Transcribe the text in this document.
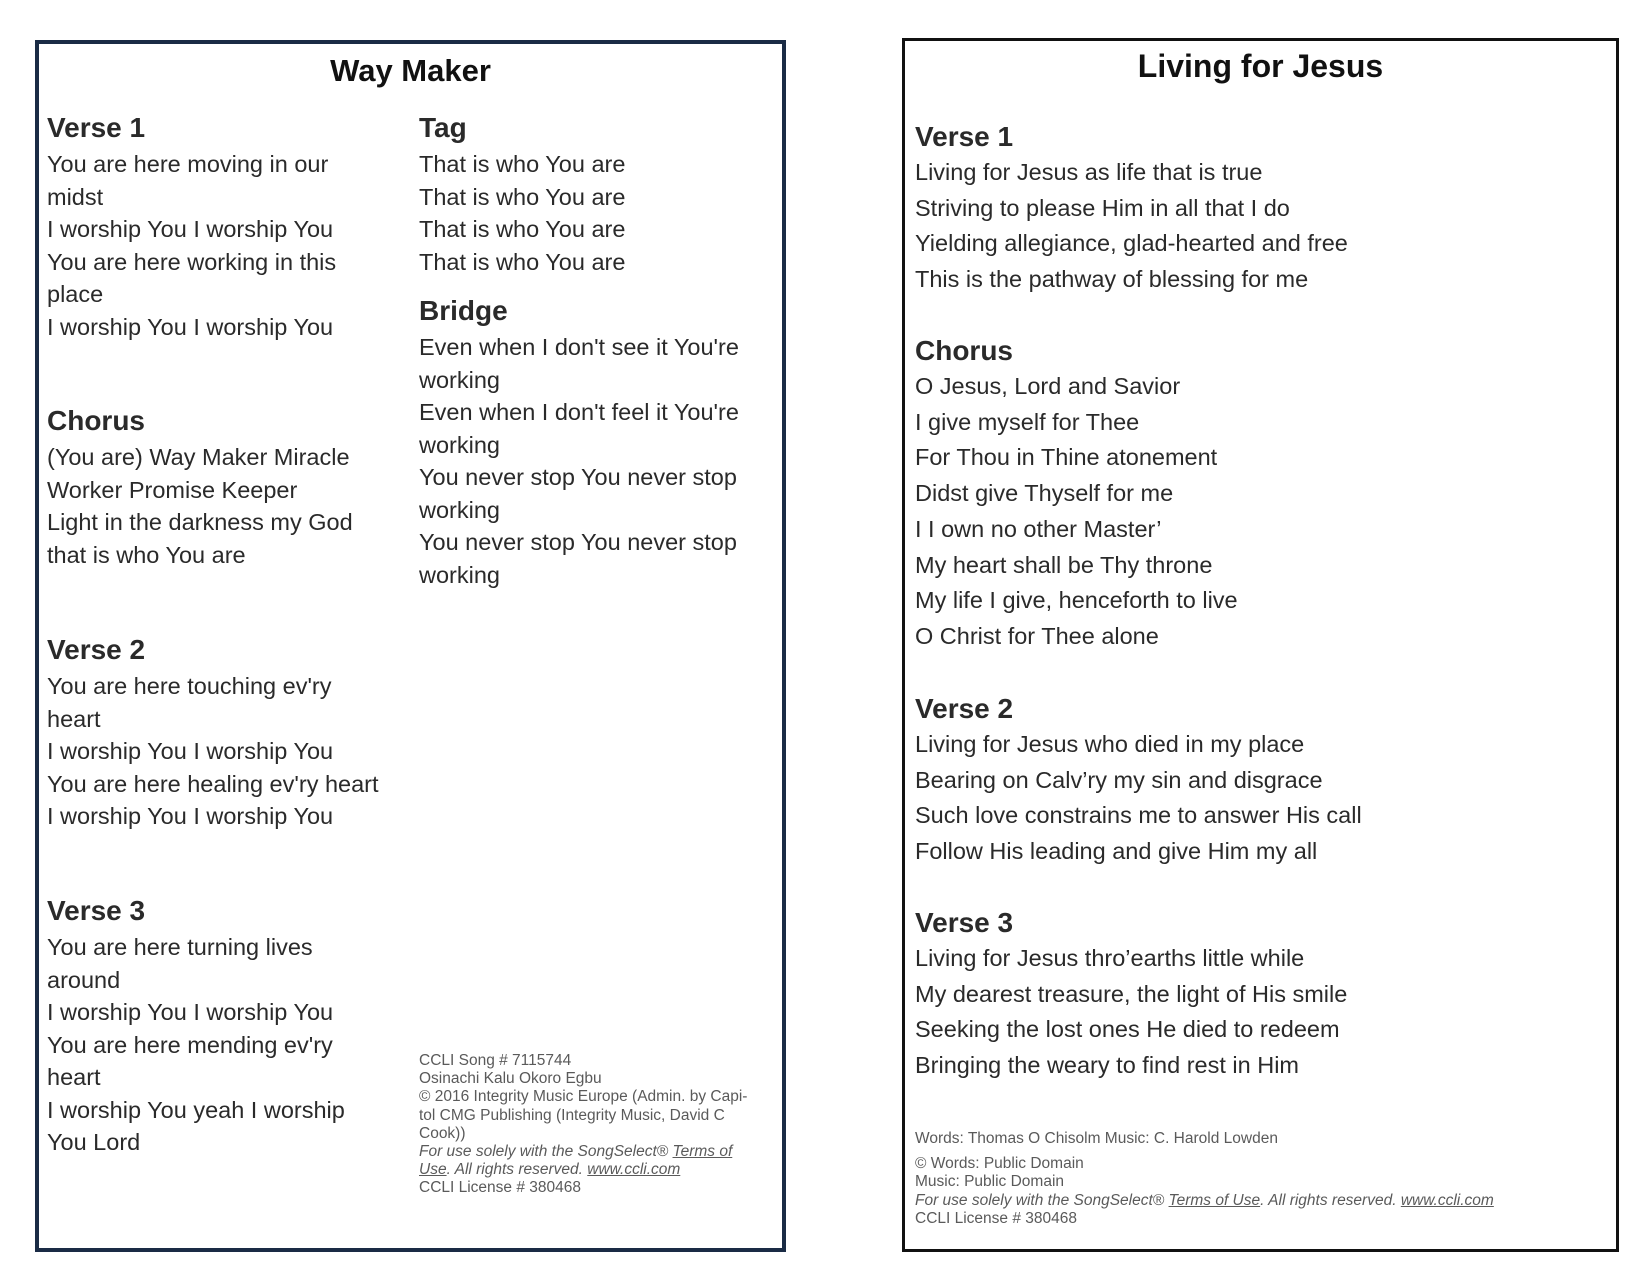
Way Maker
Verse 1
You are here moving in our
midst
I worship You I worship You
You are here working in this
place
I worship You I worship You
Chorus
(You are) Way Maker Miracle
Worker Promise Keeper
Light in the darkness my God
that is who You are
Verse 2
You are here touching ev'ry
heart
I worship You I worship You
You are here healing ev'ry heart
I worship You I worship You
Verse 3
You are here turning lives
around
I worship You I worship You
You are here mending ev'ry
heart
I worship You yeah I worship
You Lord
Tag
That is who You are
That is who You are
That is who You are
That is who You are
Bridge
Even when I don't see it You're
working
Even when I don't feel it You're
working
You never stop You never stop
working
You never stop You never stop
working
CCLI Song # 7115744
Osinachi Kalu Okoro Egbu
© 2016 Integrity Music Europe (Admin. by Capi-
tol CMG Publishing (Integrity Music, David C
Cook))
For use solely with the SongSelect® Terms of
Use. All rights reserved. www.ccli.com
CCLI License # 380468
Living for Jesus
Verse 1
Living for Jesus as life that is true
Striving to please Him in all that I do
Yielding allegiance, glad-hearted and free
This is the pathway of blessing for me
Chorus
O Jesus, Lord and Savior
I give myself for Thee
For Thou in Thine atonement
Didst give Thyself for me
I I own no other Master’
My heart shall be Thy throne
My life I give, henceforth to live
O Christ for Thee alone
Verse 2
Living for Jesus who died in my place
Bearing on Calv’ry my sin and disgrace
Such love constrains me to answer His call
Follow His leading and give Him my all
Verse 3
Living for Jesus thro’earths little while
My dearest treasure, the light of His smile
Seeking the lost ones He died to redeem
Bringing the weary to find rest in Him
Words: Thomas O Chisolm Music: C. Harold Lowden
© Words: Public Domain
Music: Public Domain
For use solely with the SongSelect® Terms of Use. All rights reserved. www.ccli.com
CCLI License # 380468
